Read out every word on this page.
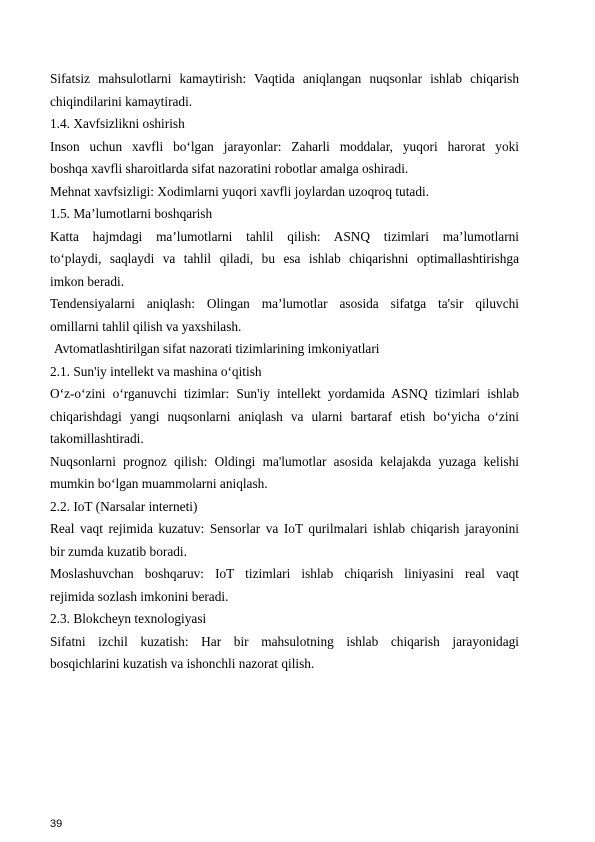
Sifatsiz mahsulotlarni kamaytirish: Vaqtida aniqlangan nuqsonlar ishlab chiqarish

chiqindilarini kamaytiradi.

1.4. Xavfsizlikni oshirish

Inson uchun xavfli bo‘lgan jarayonlar: Zaharli moddalar, yuqori harorat yoki

boshqa xavfli sharoitlarda sifat nazoratini robotlar amalga oshiradi.

Mehnat xavfsizligi: Xodimlarni yuqori xavfli joylardan uzoqroq tutadi.

1.5. Ma’lumotlarni boshqarish

Katta hajmdagi ma’lumotlarni tahlil qilish: ASNQ tizimlari ma’lumotlarni

to‘playdi, saqlaydi va tahlil qiladi, bu esa ishlab chiqarishni optimallashtirishga

imkon beradi.

Tendensiyalarni aniqlash: Olingan ma’lumotlar asosida sifatga ta'sir qiluvchi

omillarni tahlil qilish va yaxshilash.

Avtomatlashtirilgan sifat nazorati tizimlarining imkoniyatlari

2.1. Sun'iy intellekt va mashina o‘qitish

O‘z-o‘zini o‘rganuvchi tizimlar: Sun'iy intellekt yordamida ASNQ tizimlari ishlab

chiqarishdagi yangi nuqsonlarni aniqlash va ularni bartaraf etish bo‘yicha o‘zini

takomillashtiradi.

Nuqsonlarni prognoz qilish: Oldingi ma'lumotlar asosida kelajakda yuzaga kelishi

mumkin bo‘lgan muammolarni aniqlash.

2.2. IoT (Narsalar interneti)

Real vaqt rejimida kuzatuv: Sensorlar va IoT qurilmalari ishlab chiqarish jarayonini

bir zumda kuzatib boradi.

Moslashuvchan boshqaruv: IoT tizimlari ishlab chiqarish liniyasini real vaqt

rejimida sozlash imkonini beradi.

2.3. Blokcheyn texnologiyasi

Sifatni izchil kuzatish: Har bir mahsulotning ishlab chiqarish jarayonidagi

bosqichlarini kuzatish va ishonchli nazorat qilish.

39
